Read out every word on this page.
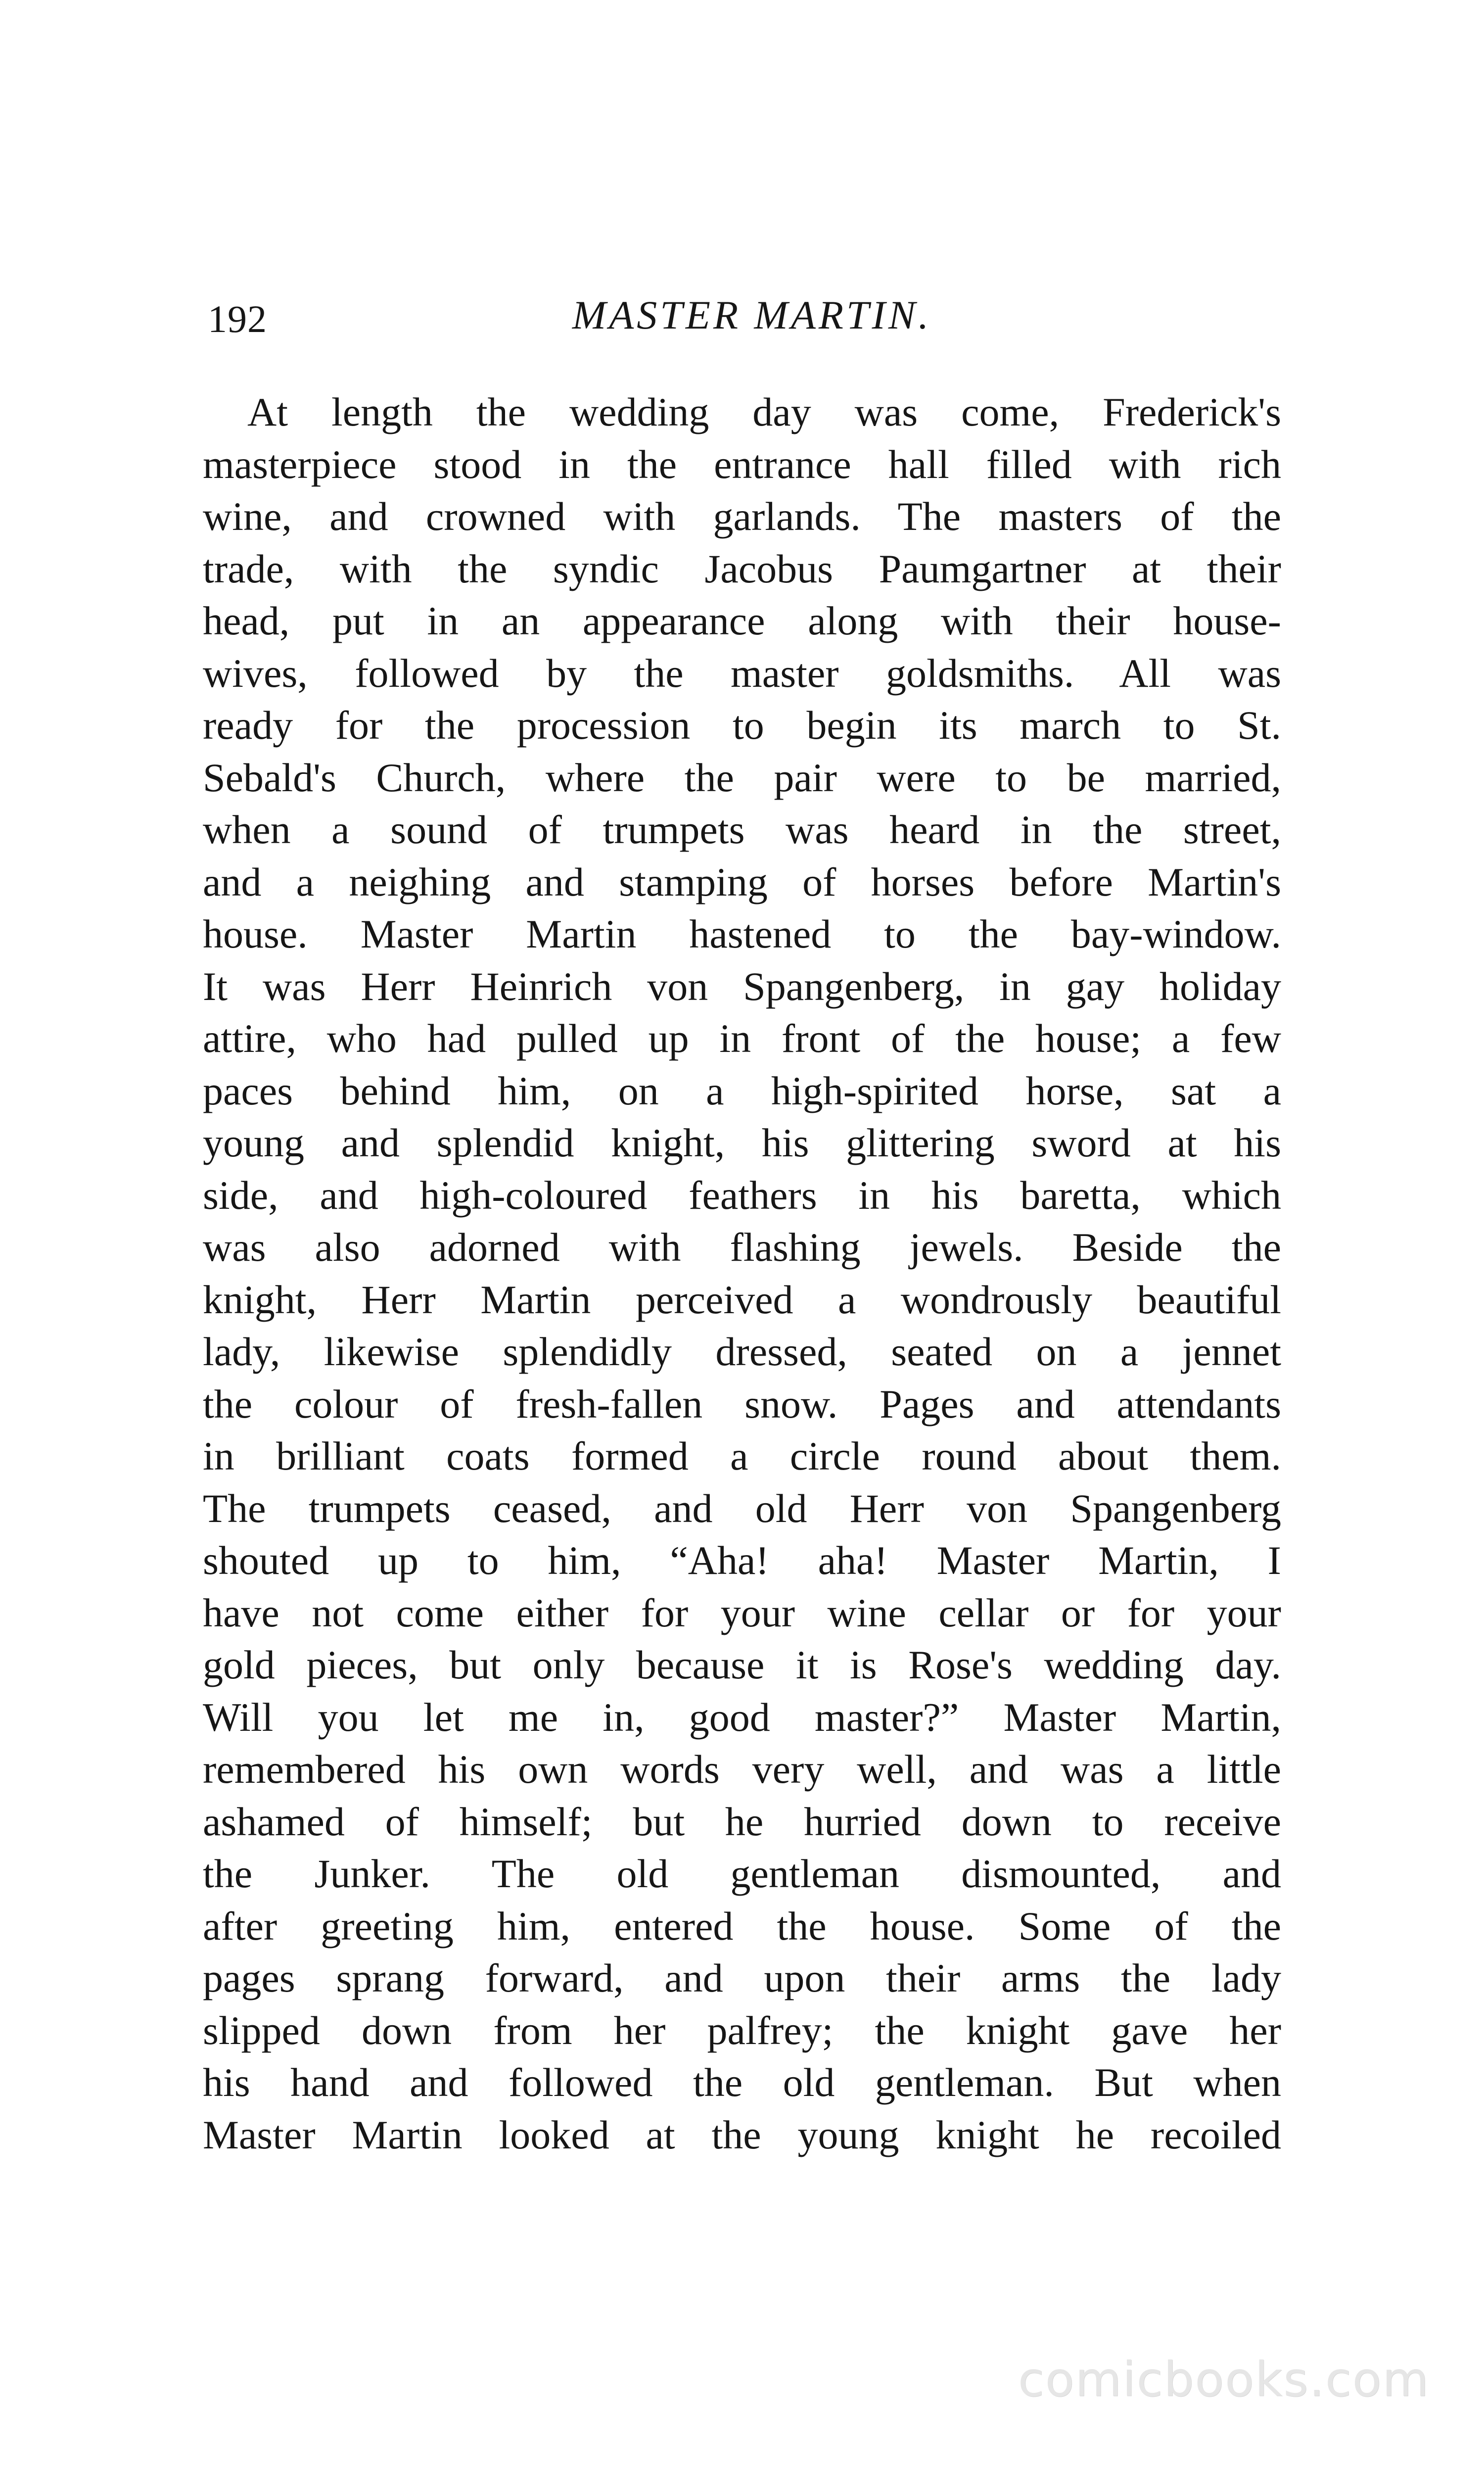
192	MASTER MARTIN.
At length the wedding day was come, Frederick's
masterpiece stood in the entrance hall filled with rich
wine, and crowned with garlands. The masters of the
trade, with the syndic Jacobus Paumgartner at their
head, put in an appearance along with their house-
wives, followed by the master goldsmiths. All was
ready for the procession to begin its march to St.
Sebald's Church, where the pair were to be married,
when a sound of trumpets was heard in the street,
and a neighing and stamping of horses before Martin's
house. Master Martin hastened to the bay-window.
It was Herr Heinrich von Spangenberg, in gay holiday
attire, who had pulled up in front of the house; a few
paces behind him, on a high-spirited horse, sat a
young and splendid knight, his glittering sword at his
side, and high-coloured feathers in his baretta, which
was also adorned with flashing jewels. Beside the
knight, Herr Martin perceived a wondrously beautiful
lady, likewise splendidly dressed, seated on a jennet
the colour of fresh-fallen snow. Pages and attendants
in brilliant coats formed a circle round about them.
The trumpets ceased, and old Herr von Spangenberg
shouted up to him, “Aha! aha! Master Martin, I
have not come either for your wine cellar or for your
gold pieces, but only because it is Rose's wedding day.
Will you let me in, good master?” Master Martin,
remembered his own words very well, and was a little
ashamed of himself; but he hurried down to receive
the Junker. The old gentleman dismounted, and
after greeting him, entered the house. Some of the
pages sprang forward, and upon their arms the lady
slipped down from her palfrey; the knight gave her
his hand and followed the old gentleman. But when
Master Martin looked at the young knight he recoiled
comicbooks.com
